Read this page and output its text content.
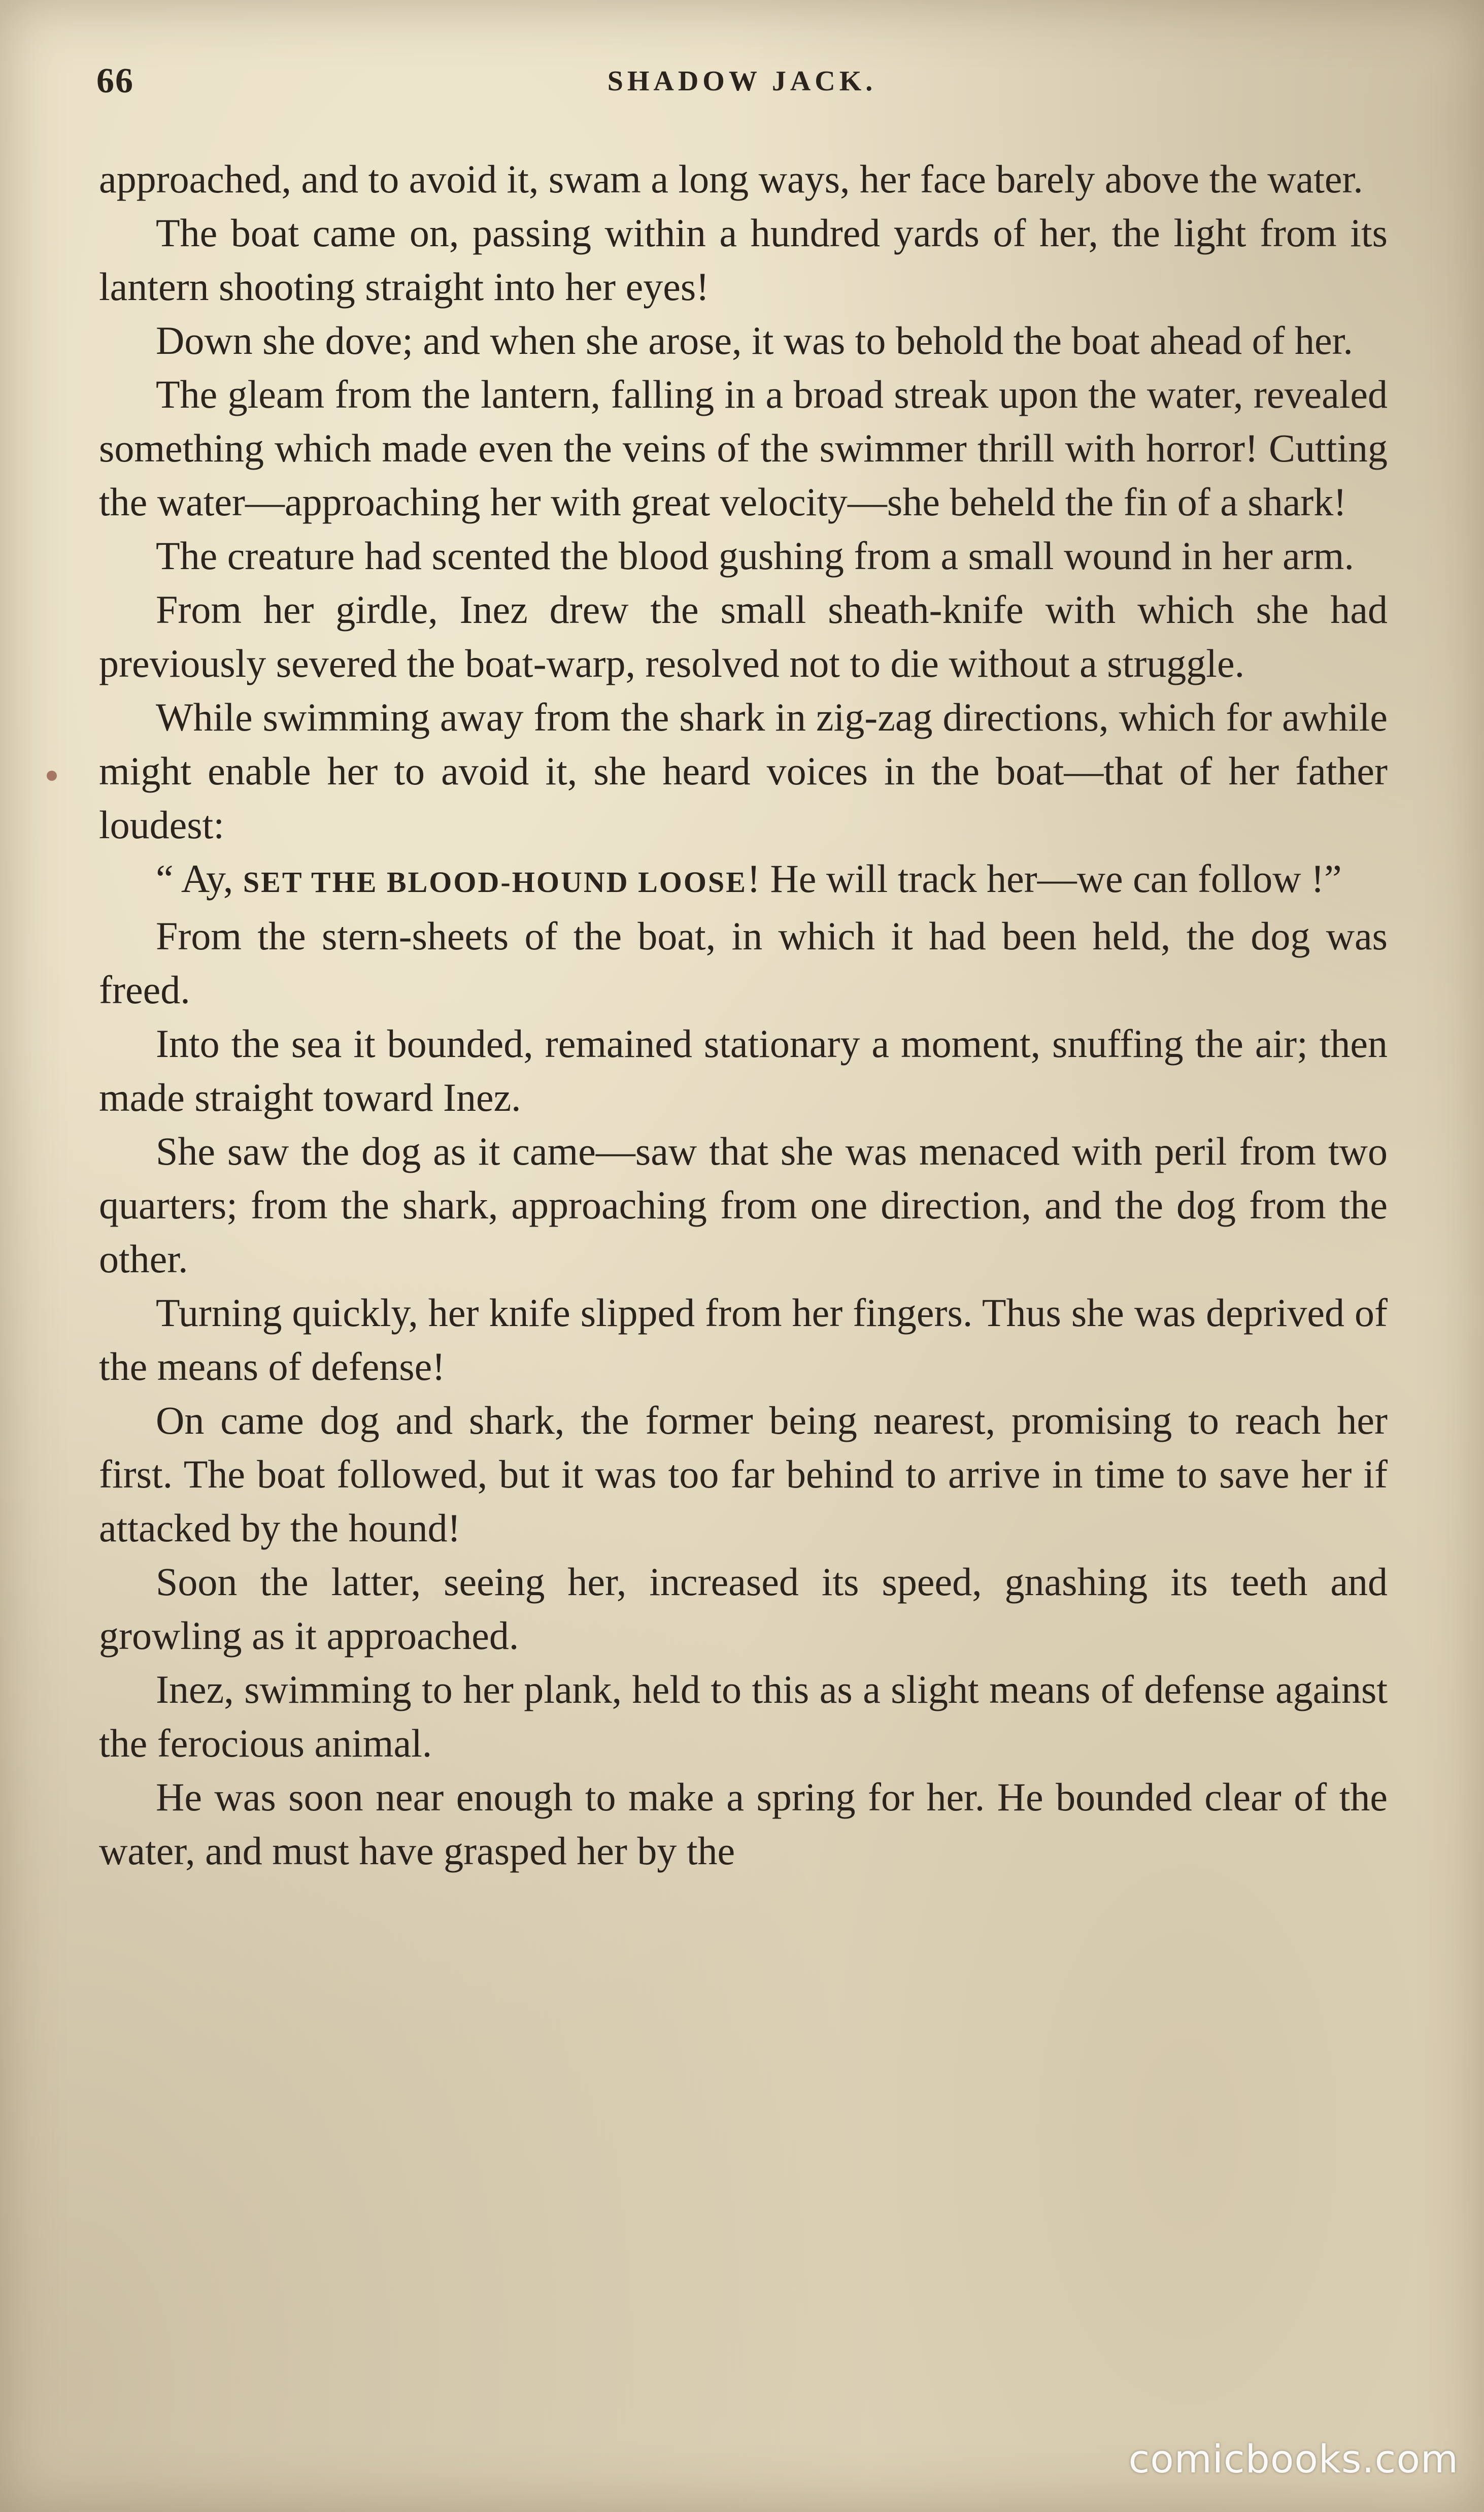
66	SHADOW JACK.

approached, and to avoid it, swam a long ways, her face barely above the water.

The boat came on, passing within a hundred yards of her, the light from its lantern shooting straight into her eyes!

Down she dove; and when she arose, it was to behold the boat ahead of her.

The gleam from the lantern, falling in a broad streak upon the water, revealed something which made even the veins of the swimmer thrill with horror! Cutting the water—approaching her with great velocity—she beheld the fin of a shark!

The creature had scented the blood gushing from a small wound in her arm.

From her girdle, Inez drew the small sheath-knife with which she had previously severed the boat-warp, resolved not to die without a struggle.

While swimming away from the shark in zig-zag directions, which for awhile might enable her to avoid it, she heard voices in the boat—that of her father loudest:

“ Ay, SET THE BLOOD-HOUND LOOSE! He will track her—we can follow !”

From the stern-sheets of the boat, in which it had been held, the dog was freed.

Into the sea it bounded, remained stationary a moment, snuffing the air; then made straight toward Inez.

She saw the dog as it came—saw that she was menaced with peril from two quarters; from the shark, approaching from one direction, and the dog from the other.

Turning quickly, her knife slipped from her fingers. Thus she was deprived of the means of defense!

On came dog and shark, the former being nearest, promising to reach her first. The boat followed, but it was too far behind to arrive in time to save her if attacked by the hound!

Soon the latter, seeing her, increased its speed, gnashing its teeth and growling as it approached.

Inez, swimming to her plank, held to this as a slight means of defense against the ferocious animal.

He was soon near enough to make a spring for her. He bounded clear of the water, and must have grasped her by the

comicbooks.com
